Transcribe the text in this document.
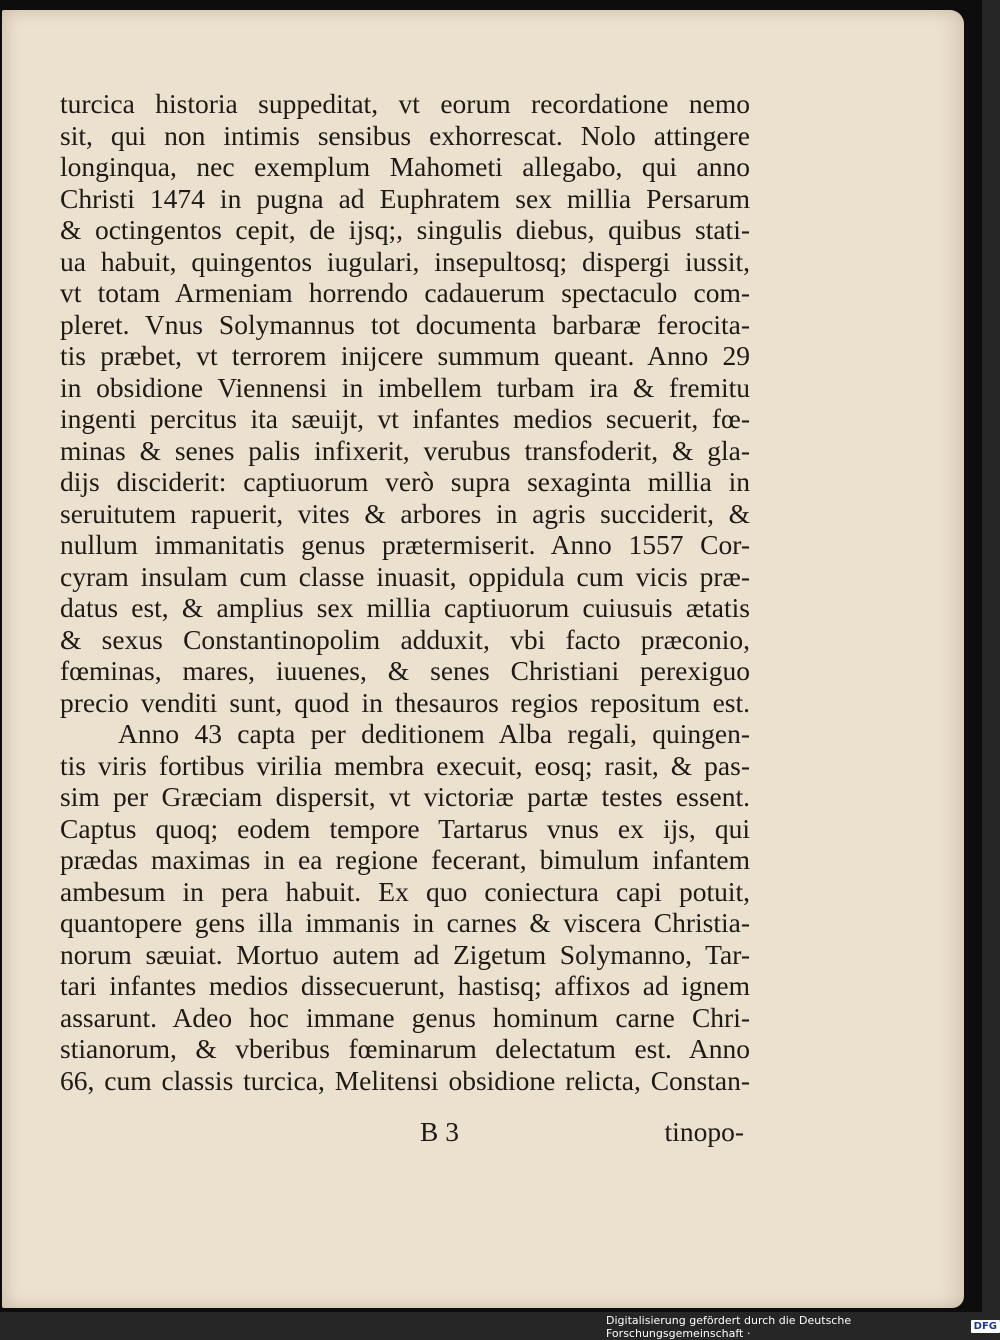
turcica historia suppeditat, vt eorum recordatione nemo
sit, qui non intimis sensibus exhorrescat. Nolo attingere
longinqua, nec exemplum Mahometi allegabo, qui anno
Christi 1474 in pugna ad Euphratem sex millia Persarum
& octingentos cepit, de ijsq;, singulis diebus, quibus stati-
ua habuit, quingentos iugulari, insepultosq; dispergi iussit,
vt totam Armeniam horrendo cadauerum spectaculo com-
pleret. Vnus Solymannus tot documenta barbaræ ferocita-
tis præbet, vt terrorem inijcere summum queant. Anno 29
in obsidione Viennensi in imbellem turbam ira & fremitu
ingenti percitus ita sæuijt, vt infantes medios secuerit, fœ-
minas & senes palis infixerit, verubus transfoderit, & gla-
dijs disciderit: captiuorum verò supra sexaginta millia in
seruitutem rapuerit, vites & arbores in agris succiderit, &
nullum immanitatis genus prætermiserit. Anno 1557 Cor-
cyram insulam cum classe inuasit, oppidula cum vicis præ-
datus est, & amplius sex millia captiuorum cuiusuis ætatis
& sexus Constantinopolim adduxit, vbi facto præconio,
fœminas, mares, iuuenes, & senes Christiani perexiguo
precio venditi sunt, quod in thesauros regios repositum est.
Anno 43 capta per deditionem Alba regali, quingen-
tis viris fortibus virilia membra execuit, eosq; rasit, & pas-
sim per Græciam dispersit, vt victoriæ partæ testes essent.
Captus quoq; eodem tempore Tartarus vnus ex ijs, qui
prædas maximas in ea regione fecerant, bimulum infantem
ambesum in pera habuit. Ex quo coniectura capi potuit,
quantopere gens illa immanis in carnes & viscera Christia-
norum sæuiat. Mortuo autem ad Zigetum Solymanno, Tar-
tari infantes medios dissecuerunt, hastisq; affixos ad ignem
assarunt. Adeo hoc immane genus hominum carne Chri-
stianorum, & vberibus fœminarum delectatum est. Anno
66, cum classis turcica, Melitensi obsidione relicta, Constan-
B 3	tinopo-
Digitalisierung gefördert durch die Deutsche Forschungsgemeinschaft ·	DFG
